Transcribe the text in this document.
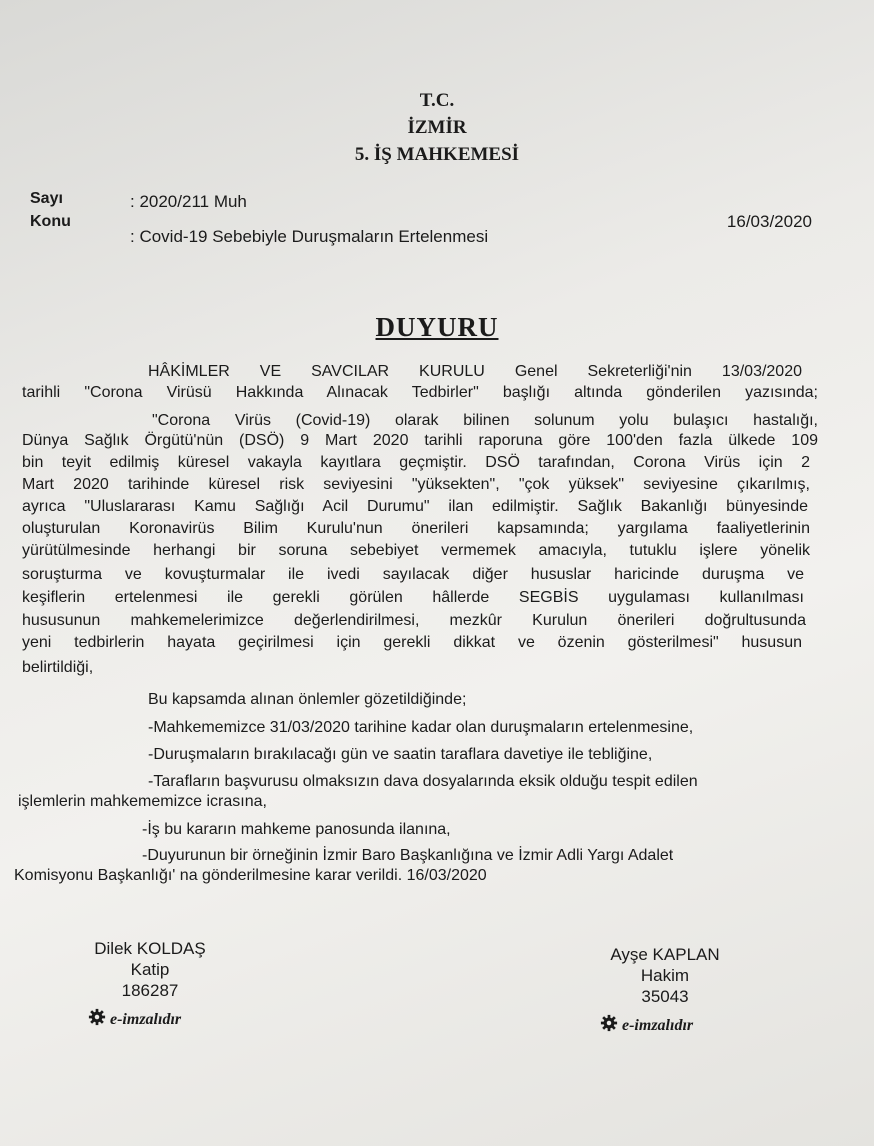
T.C.
İZMİR
5. İŞ MAHKEMESİ
Sayı	: 2020/211 Muh
Konu
: Covid-19 Sebebiyle Duruşmaların Ertelenmesi
16/03/2020
DUYURU
HÂKİMLER VE SAVCILAR KURULU Genel Sekreterliği'nin 13/03/2020
tarihli "Corona Virüsü Hakkında Alınacak Tedbirler" başlığı altında gönderilen yazısında;
"Corona Virüs (Covid-19) olarak bilinen solunum yolu bulaşıcı hastalığı,
Dünya Sağlık Örgütü'nün (DSÖ) 9 Mart 2020 tarihli raporuna göre 100'den fazla ülkede 109
bin teyit edilmiş küresel vakayla kayıtlara geçmiştir. DSÖ tarafından, Corona Virüs için 2
Mart 2020 tarihinde küresel risk seviyesini "yüksekten", "çok yüksek" seviyesine çıkarılmış,
ayrıca "Uluslararası Kamu Sağlığı Acil Durumu" ilan edilmiştir. Sağlık Bakanlığı bünyesinde
oluşturulan Koronavirüs Bilim Kurulu'nun önerileri kapsamında; yargılama faaliyetlerinin
yürütülmesinde herhangi bir soruna sebebiyet vermemek amacıyla, tutuklu işlere yönelik
soruşturma ve kovuşturmalar ile ivedi sayılacak diğer hususlar haricinde duruşma ve
keşiflerin ertelenmesi ile gerekli görülen hâllerde SEGBİS uygulaması kullanılması
hususunun mahkemelerimizce değerlendirilmesi, mezkûr Kurulun önerileri doğrultusunda
yeni tedbirlerin hayata geçirilmesi için gerekli dikkat ve özenin gösterilmesi" hususun
belirtildiği,
Bu kapsamda alınan önlemler gözetildiğinde;
-Mahkememizce 31/03/2020 tarihine kadar olan duruşmaların ertelenmesine,
-Duruşmaların bırakılacağı gün ve saatin taraflara davetiye ile tebliğine,
-Tarafların başvurusu olmaksızın dava dosyalarında eksik olduğu tespit edilen
işlemlerin mahkememizce icrasına,
-İş bu kararın mahkeme panosunda ilanına,
-Duyurunun bir örneğinin İzmir Baro Başkanlığına ve İzmir Adli Yargı Adalet
Komisyonu Başkanlığı' na gönderilmesine karar verildi. 16/03/2020
Dilek KOLDAŞ
Katip
186287
e-imzalıdır
Ayşe KAPLAN
Hakim
35043
e-imzalıdır
